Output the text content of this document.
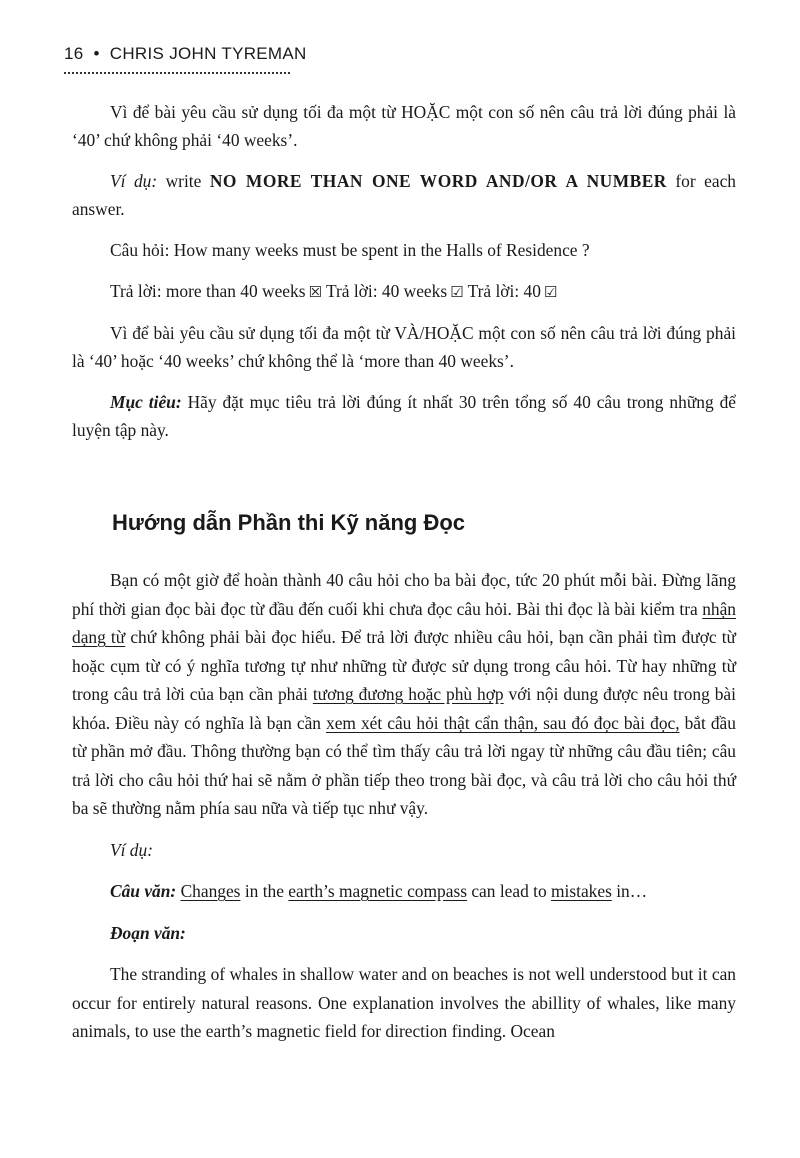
16 • CHRIS JOHN TYREMAN

Vì để bài yêu cầu sử dụng tối đa một từ HOẶC một con số nên câu trả lời đúng phải là ‘40’ chứ không phải ‘40 weeks’.

Ví dụ: write NO MORE THAN ONE WORD AND/OR A NUMBER for each answer.

Câu hỏi: How many weeks must be spent in the Halls of Residence ?

Trả lời: more than 40 weeks ☒ Trả lời: 40 weeks ☑ Trả lời: 40 ☑

Vì để bài yêu cầu sử dụng tối đa một từ VÀ/HOẶC một con số nên câu trả lời đúng phải là ‘40’ hoặc ‘40 weeks’ chứ không thể là ‘more than 40 weeks’.

Mục tiêu: Hãy đặt mục tiêu trả lời đúng ít nhất 30 trên tổng số 40 câu trong những để luyện tập này.

Hướng dẫn Phần thi Kỹ năng Đọc

Bạn có một giờ để hoàn thành 40 câu hỏi cho ba bài đọc, tức 20 phút mỗi bài. Đừng lãng phí thời gian đọc bài đọc từ đầu đến cuối khi chưa đọc câu hỏi. Bài thi đọc là bài kiểm tra nhận dạng từ chứ không phải bài đọc hiểu. Để trả lời được nhiều câu hỏi, bạn cần phải tìm được từ hoặc cụm từ có ý nghĩa tương tự như những từ được sử dụng trong câu hỏi. Từ hay những từ trong câu trả lời của bạn cần phải tương đương hoặc phù hợp với nội dung được nêu trong bài khóa. Điều này có nghĩa là bạn cần xem xét câu hỏi thật cẩn thận, sau đó đọc bài đọc, bắt đầu từ phần mở đầu. Thông thường bạn có thể tìm thấy câu trả lời ngay từ những câu đầu tiên; câu trả lời cho câu hỏi thứ hai sẽ nằm ở phần tiếp theo trong bài đọc, và câu trả lời cho câu hỏi thứ ba sẽ thường nằm phía sau nữa và tiếp tục như vậy.

Ví dụ:

Câu văn: Changes in the earth’s magnetic compass can lead to mistakes in…

Đoạn văn:

The stranding of whales in shallow water and on beaches is not well understood but it can occur for entirely natural reasons. One explanation involves the abillity of whales, like many animals, to use the earth’s magnetic field for direction finding. Ocean
